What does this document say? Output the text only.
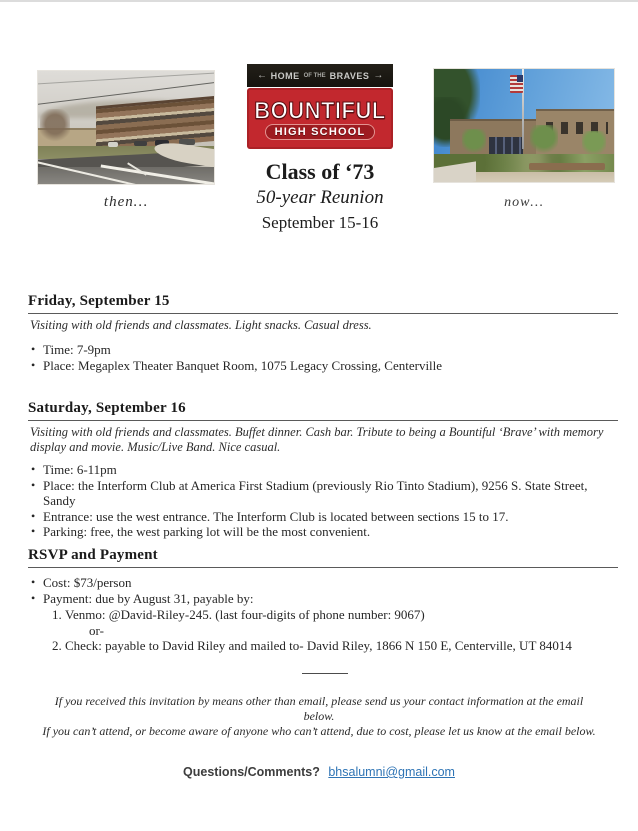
then…
→ HOME OF THE BRAVES →
BOUNTIFUL
HIGH SCHOOL
Class of ‘73
50-year Reunion
September 15-16
now…
Friday, September 15
Visiting with old friends and classmates. Light snacks. Casual dress.
• Time: 7-9pm
• Place: Megaplex Theater Banquet Room, 1075 Legacy Crossing, Centerville
Saturday, September 16
Visiting with old friends and classmates. Buffet dinner. Cash bar. Tribute to being a Bountiful ‘Brave’ with memory display and movie. Music/Live Band. Nice casual.
• Time: 6-11pm
• Place: the Interform Club at America First Stadium (previously Rio Tinto Stadium), 9256 S. State Street, Sandy
• Entrance: use the west entrance. The Interform Club is located between sections 15 to 17.
• Parking: free, the west parking lot will be the most convenient.
RSVP and Payment
• Cost: $73/person
• Payment: due by August 31, payable by:
1. Venmo: @David-Riley-245. (last four-digits of phone number: 9067)
or-
2. Check: payable to David Riley and mailed to- David Riley, 1866 N 150 E, Centerville, UT 84014
If you received this invitation by means other than email, please send us your contact information at the email below.
If you can’t attend, or become aware of anyone who can’t attend, due to cost, please let us know at the email below.
Questions/Comments? bhsalumni@gmail.com
